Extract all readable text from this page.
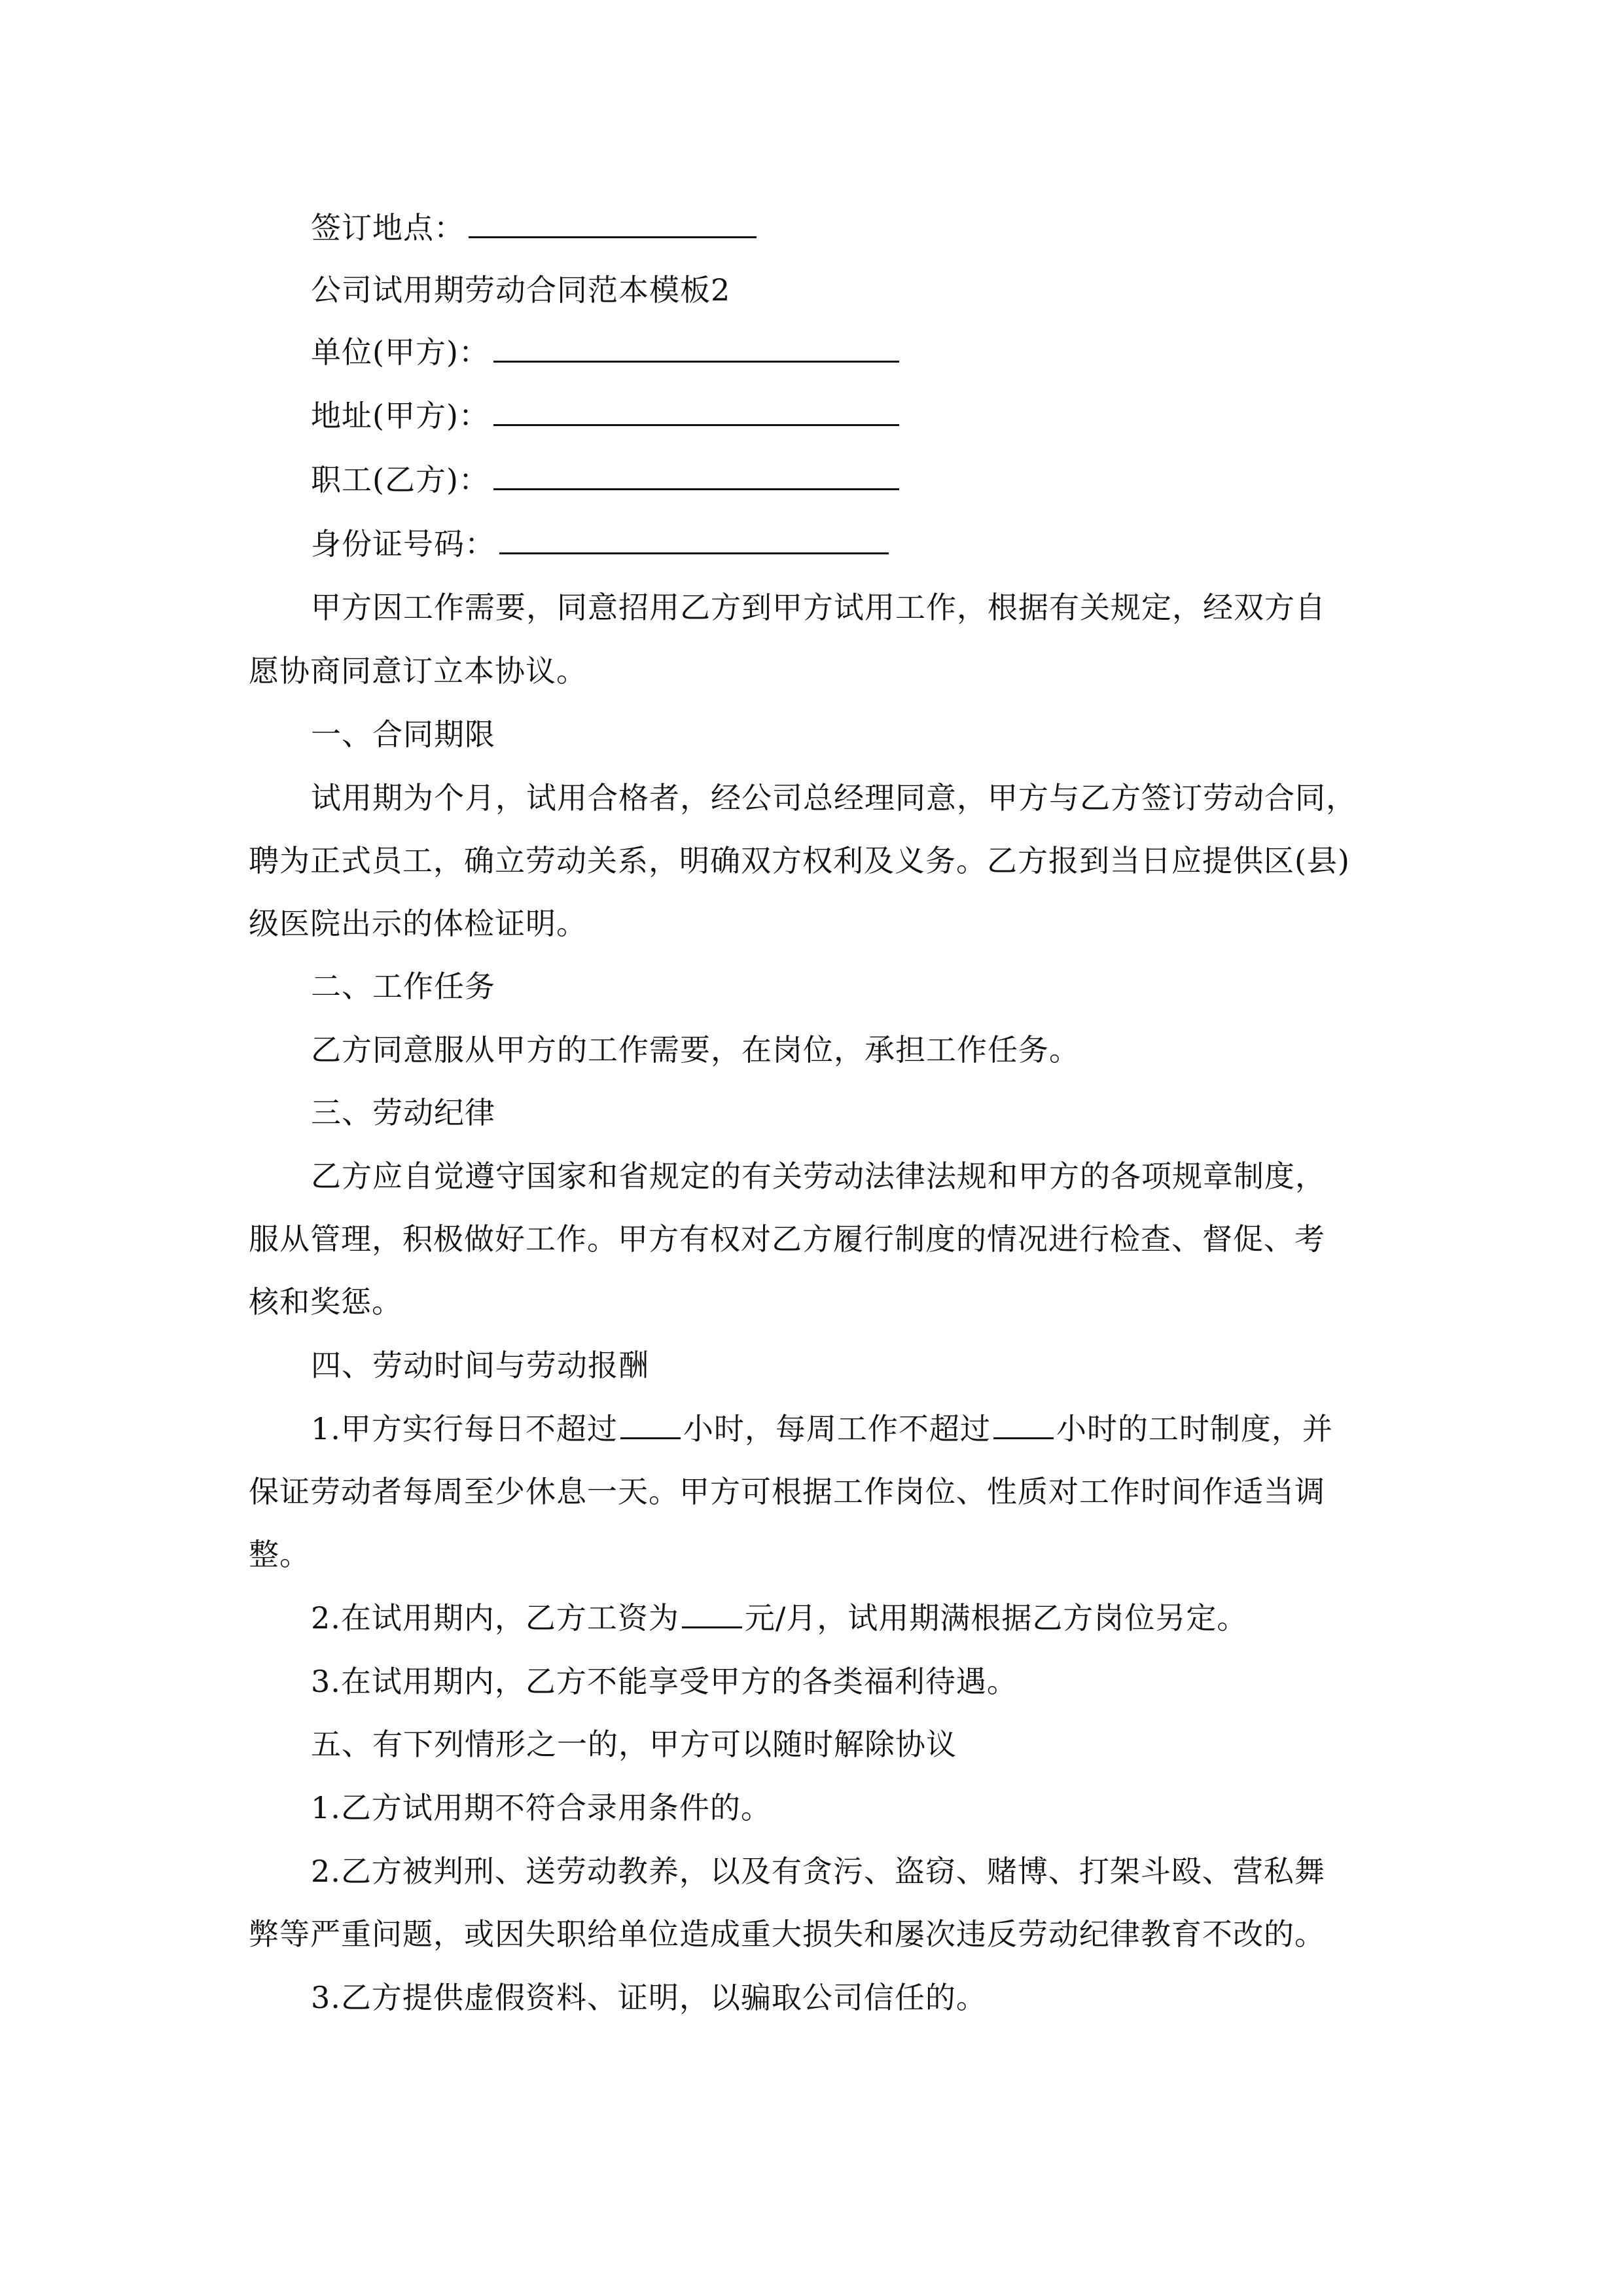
签订地点：
公司试用期劳动合同范本模板2
单位(甲方)：
地址(甲方)：
职工(乙方)：
身份证号码：
甲方因工作需要，同意招用乙方到甲方试用工作，根据有关规定，经双方自
愿协商同意订立本协议。
一、合同期限
试用期为个月，试用合格者，经公司总经理同意，甲方与乙方签订劳动合同，
聘为正式员工，确立劳动关系，明确双方权利及义务。乙方报到当日应提供区(县)
级医院出示的体检证明。
二、工作任务
乙方同意服从甲方的工作需要，在岗位，承担工作任务。
三、劳动纪律
乙方应自觉遵守国家和省规定的有关劳动法律法规和甲方的各项规章制度，
服从管理，积极做好工作。甲方有权对乙方履行制度的情况进行检查、督促、考
核和奖惩。
四、劳动时间与劳动报酬
1.甲方实行每日不超过 小时，每周工作不超过 小时的工时制度，并
保证劳动者每周至少休息一天。甲方可根据工作岗位、性质对工作时间作适当调
整。
2.在试用期内，乙方工资为 元/月，试用期满根据乙方岗位另定。
3.在试用期内，乙方不能享受甲方的各类福利待遇。
五、有下列情形之一的，甲方可以随时解除协议
1.乙方试用期不符合录用条件的。
2.乙方被判刑、送劳动教养，以及有贪污、盗窃、赌博、打架斗殴、营私舞
弊等严重问题，或因失职给单位造成重大损失和屡次违反劳动纪律教育不改的。
3.乙方提供虚假资料、证明，以骗取公司信任的。
